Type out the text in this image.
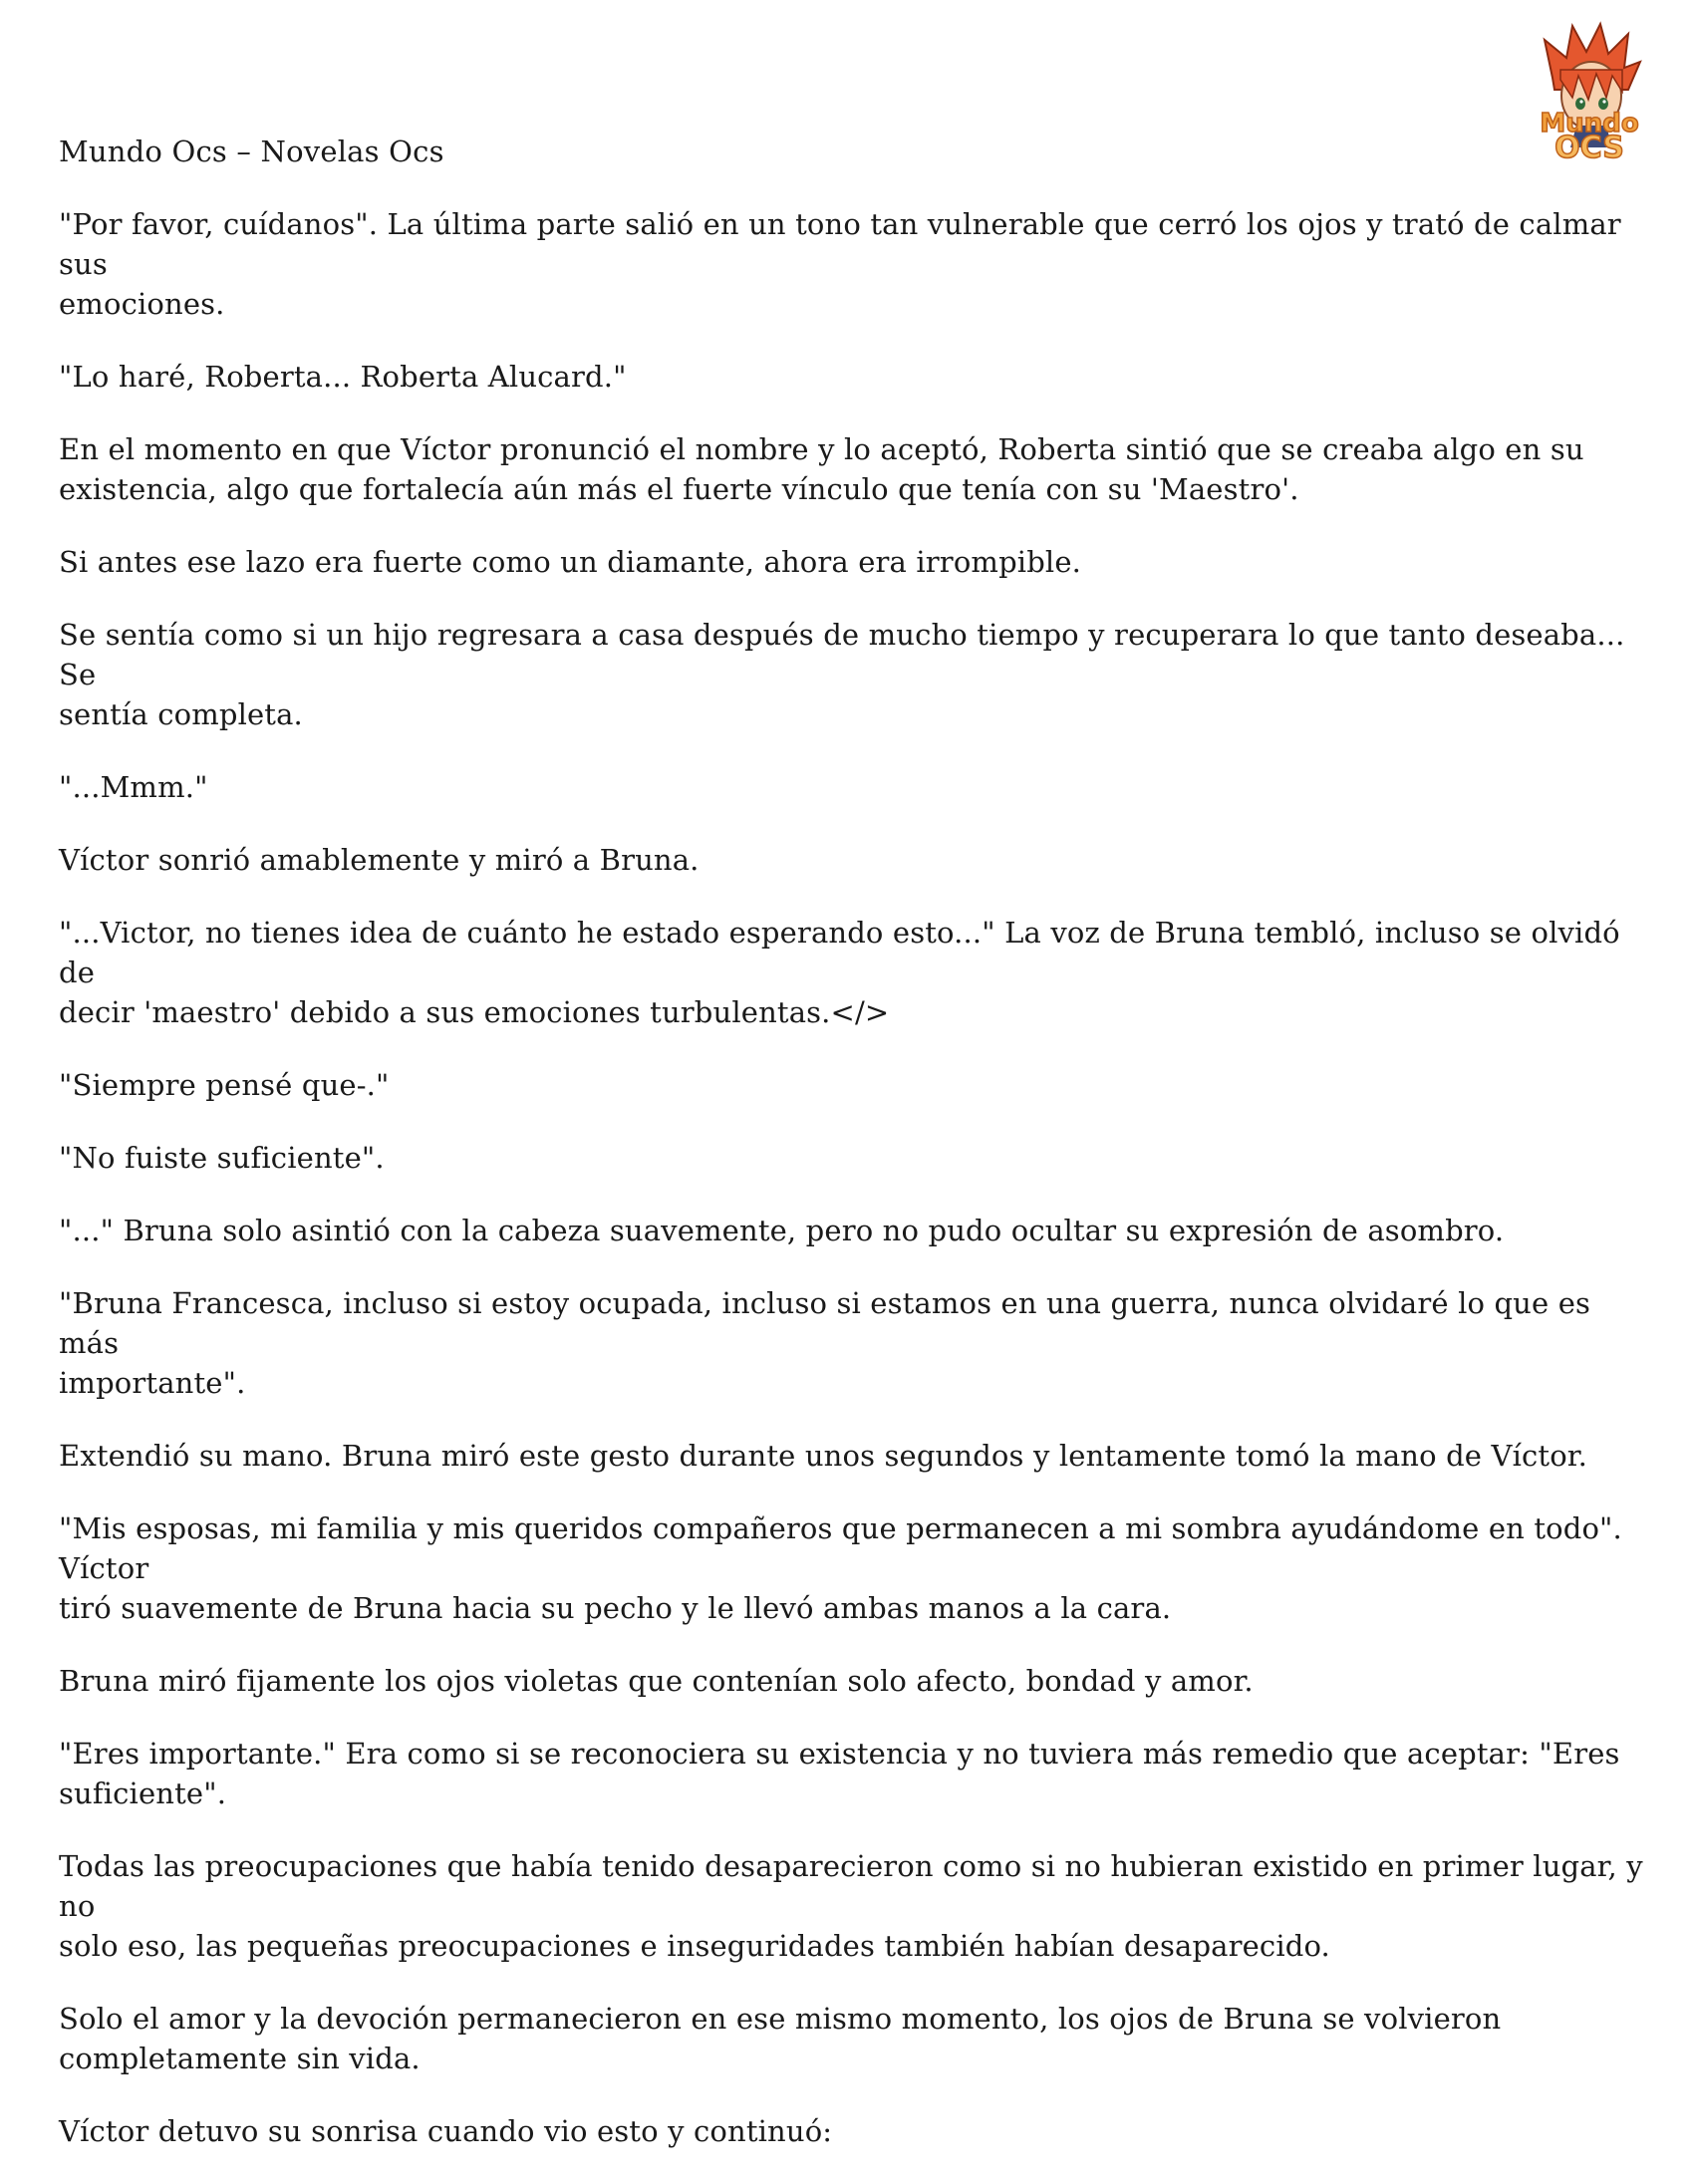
Mundo Ocs – Novelas Ocs
Mundo
OCS

"Por favor, cuídanos". La última parte salió en un tono tan vulnerable que cerró los ojos y trató de calmar sus
emociones.

"Lo haré, Roberta... Roberta Alucard."

En el momento en que Víctor pronunció el nombre y lo aceptó, Roberta sintió que se creaba algo en su
existencia, algo que fortalecía aún más el fuerte vínculo que tenía con su 'Maestro'.

Si antes ese lazo era fuerte como un diamante, ahora era irrompible.

Se sentía como si un hijo regresara a casa después de mucho tiempo y recuperara lo que tanto deseaba... Se
sentía completa.

"...Mmm."

Víctor sonrió amablemente y miró a Bruna.

"...Victor, no tienes idea de cuánto he estado esperando esto..." La voz de Bruna tembló, incluso se olvidó de
decir 'maestro' debido a sus emociones turbulentas.</>

"Siempre pensé que-."

"No fuiste suficiente".

"..." Bruna solo asintió con la cabeza suavemente, pero no pudo ocultar su expresión de asombro.

"Bruna Francesca, incluso si estoy ocupada, incluso si estamos en una guerra, nunca olvidaré lo que es más
importante".

Extendió su mano. Bruna miró este gesto durante unos segundos y lentamente tomó la mano de Víctor.

"Mis esposas, mi familia y mis queridos compañeros que permanecen a mi sombra ayudándome en todo". Víctor
tiró suavemente de Bruna hacia su pecho y le llevó ambas manos a la cara.

Bruna miró fijamente los ojos violetas que contenían solo afecto, bondad y amor.

"Eres importante." Era como si se reconociera su existencia y no tuviera más remedio que aceptar: "Eres
suficiente".

Todas las preocupaciones que había tenido desaparecieron como si no hubieran existido en primer lugar, y no
solo eso, las pequeñas preocupaciones e inseguridades también habían desaparecido.

Solo el amor y la devoción permanecieron en ese mismo momento, los ojos de Bruna se volvieron
completamente sin vida.

Víctor detuvo su sonrisa cuando vio esto y continuó:
